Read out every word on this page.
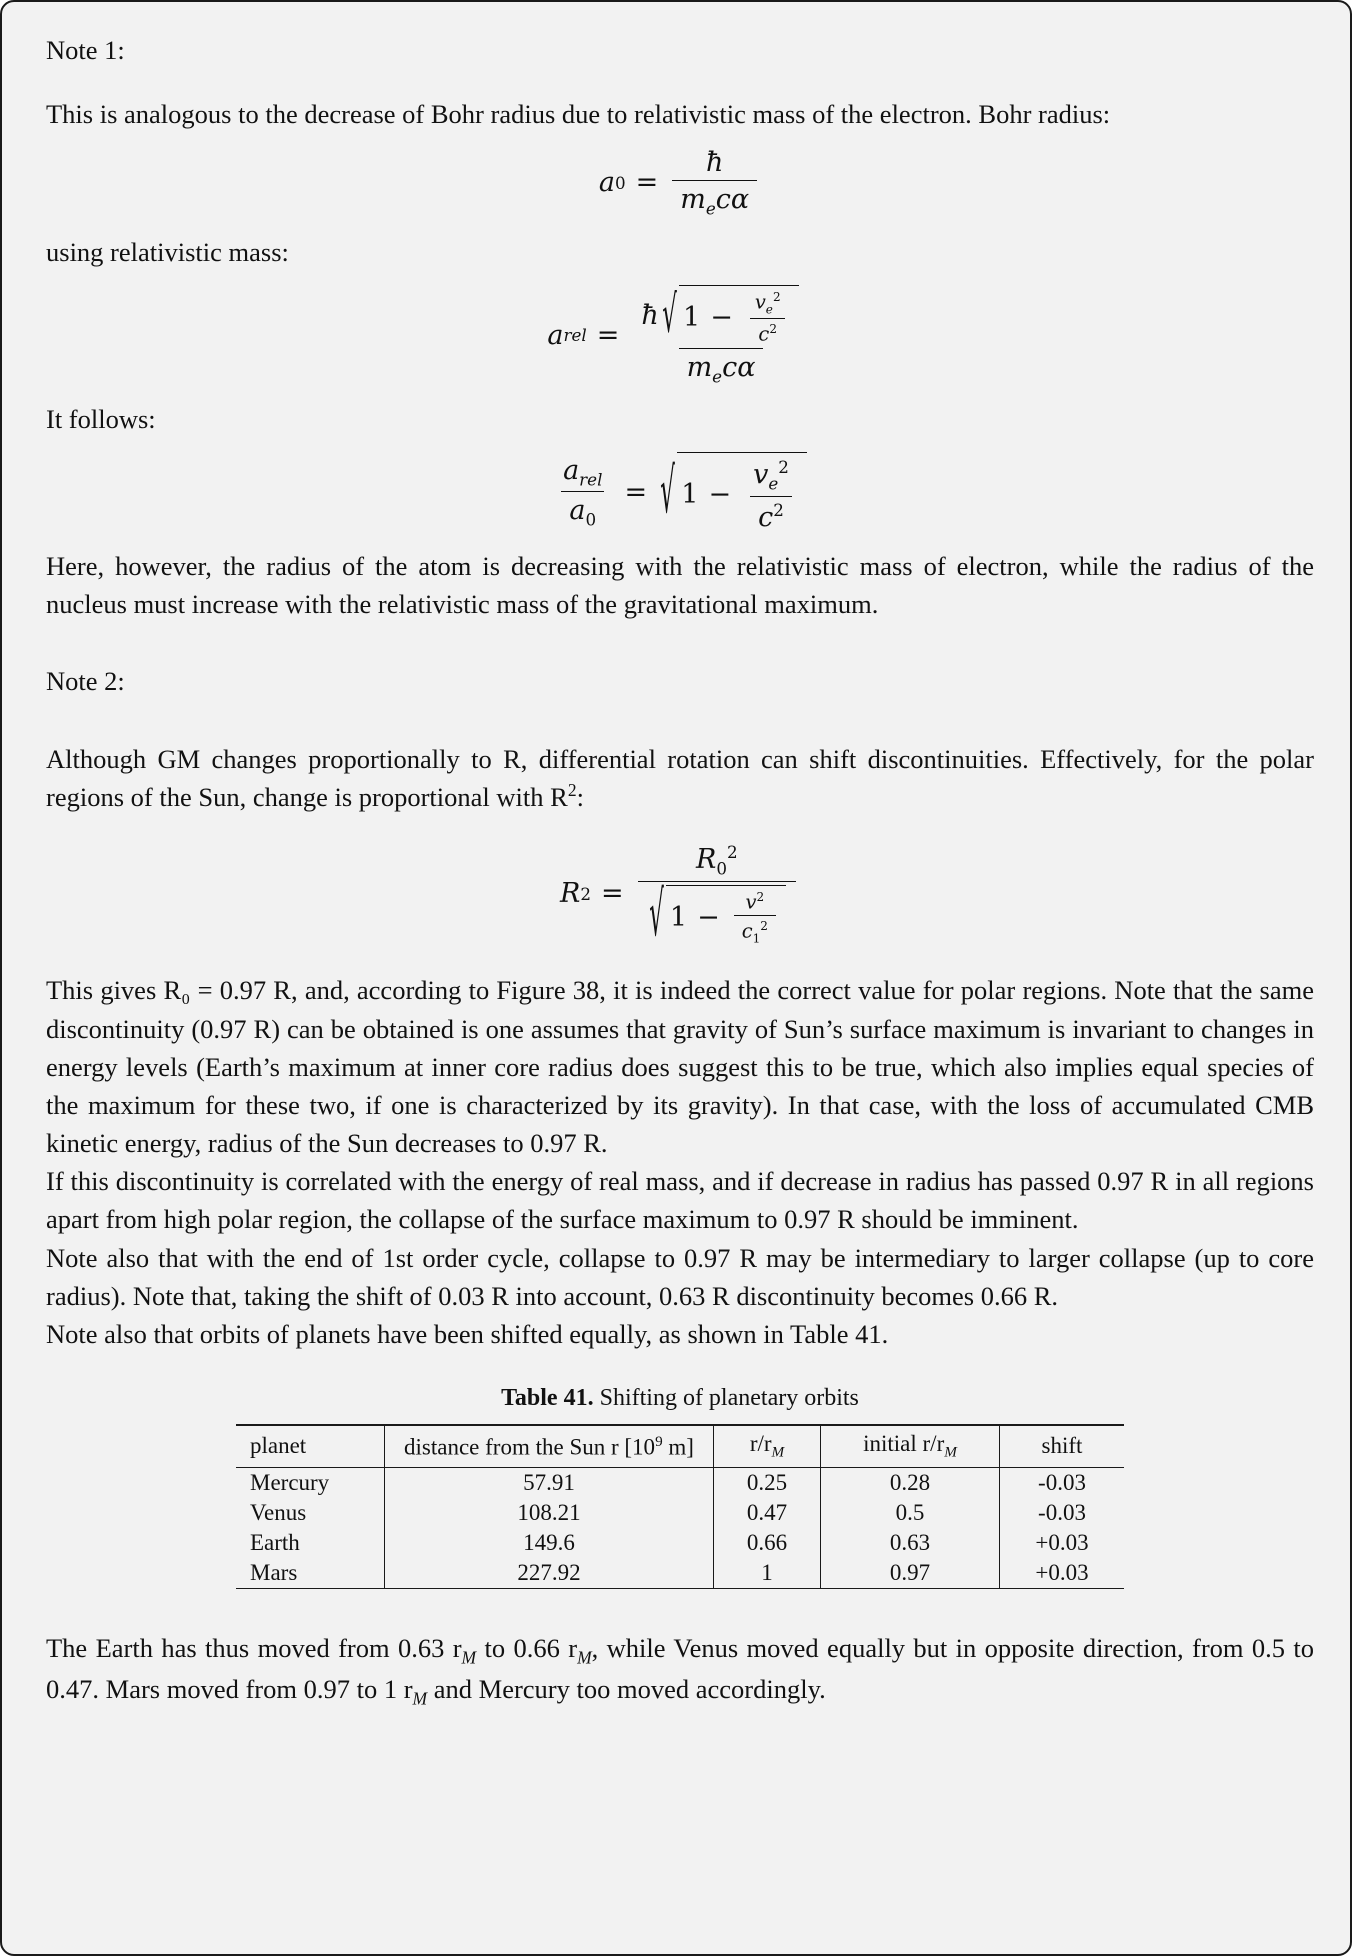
Note 1:

This is analogous to the decrease of Bohr radius due to relativistic mass of the electron. Bohr radius:

a $0 = \frac{ħ}{m_ec\alpha}$

using relativistic mass:

a rel =
ħ √ $1 - \frac{v_e^2}{c^2}$
$m_ec\alpha$

It follows:

$\frac{a_{rel}}{a_0}$ = √ $1 - \frac{v_e^2}{c^2}$

Here, however, the radius of the atom is decreasing with the relativistic mass of electron, while the radius of the nucleus must increase with the relativistic mass of the gravitational maximum.

Note 2:

Although GM changes proportionally to R, differential rotation can shift discontinuities. Effectively, for the polar regions of the Sun, change is proportional with $R^2$:

R 2 =
$R_0^2$
√ $1 - \frac{v^2}{c_1^2}$

This gives R₀ = 0.97 R, and, according to Figure 38, it is indeed the correct value for polar regions. Note that the same discontinuity (0.97 R) can be obtained is one assumes that gravity of Sun’s surface maximum is invariant to changes in energy levels (Earth’s maximum at inner core radius does suggest this to be true, which also implies equal species of the maximum for these two, if one is characterized by its gravity). In that case, with the loss of accumulated CMB kinetic energy, radius of the Sun decreases to 0.97 R.

If this discontinuity is correlated with the energy of real mass, and if decrease in radius has passed 0.97 R in all regions apart from high polar region, the collapse of the surface maximum to 0.97 R should be imminent.

Note also that with the end of 1st order cycle, collapse to 0.97 R may be intermediary to larger collapse (up to core radius). Note that, taking the shift of 0.03 R into account, 0.63 R discontinuity becomes 0.66 R.

Note also that orbits of planets have been shifted equally, as shown in Table 41.

Table 41. Shifting of planetary orbits

planet	distance from the Sun r [$10^9$ m]	$r/r_M$	initial $r/r_M$	shift
Mercury	57.91	0.25	0.28	-0.03
Venus	108.21	0.47	0.5	-0.03
Earth	149.6	0.66	0.63	+0.03
Mars	227.92	1	0.97	+0.03

The Earth has thus moved from 0.63 $r_M$ to 0.66 $r_M$, while Venus moved equally but in opposite direction, from 0.5 to 0.47. Mars moved from 0.97 to 1 $r_M$ and Mercury too moved accordingly.
